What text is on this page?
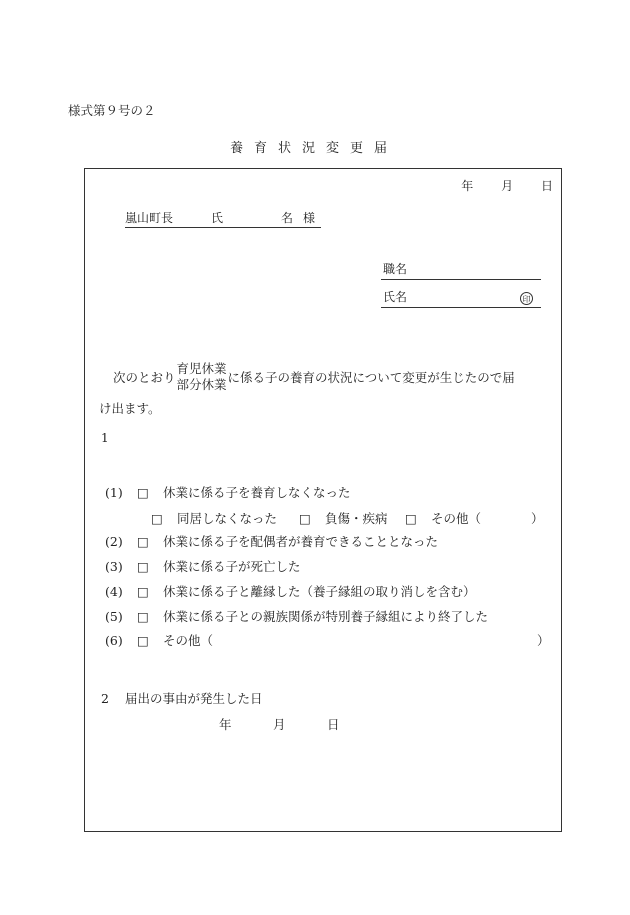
様式第９号の２
養育状況変更届
年 月 日
嵐山町長	氏	名様
職名
氏名	印
次のとおり育児休業
部分休業に係る子の養育の状況について変更が生じたので届
け出ます。
1
(1) □ 休業に係る子を養育しなくなった
(2) □ 休業に係る子を配偶者が養育できることとなった
(3) □ 休業に係る子が死亡した
(4) □ 休業に係る子と離縁した（養子縁組の取り消しを含む）
(5) □ 休業に係る子との親族関係が特別養子縁組により終了した
(6) □ その他（	）
□ 同居しなくなった □ 負傷・疾病 □ その他（	）
2 届出の事由が発生した日
年	月	日
